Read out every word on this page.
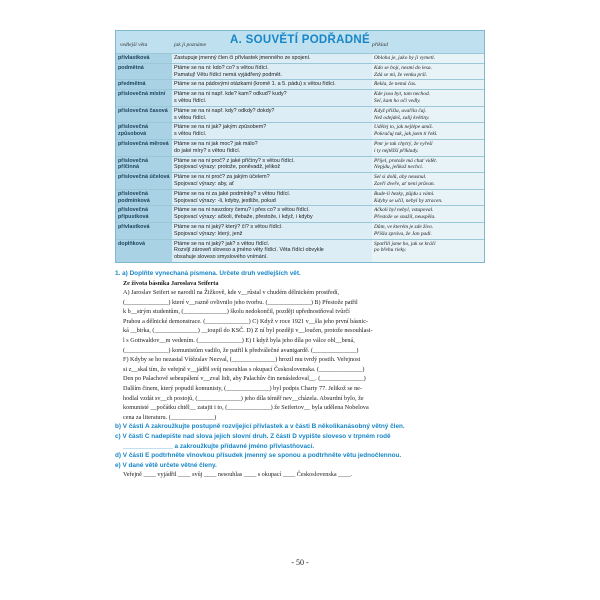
A. SOUVĚTÍ PODŘADNÉ
vedlejší věta	jak ji poznáme	příklad
přívlastková	Zastupuje jmenný člen či přívlastek jmenného ze spojení.	Obloha je, jako by ji vymetl.

podmětná	Ptáme se na ni: kdo? co? s větou řídící.
Pamatuj! Větu řídící nemá vyjádřený podmět.	Kdo se bojí, nesmí do lesa.
Zdá se mi, že venku prší.

předmětná	Ptáme se na pádovými otázkami (kromě 1. a 5. pádu) s větou řídící.	Řekla, že nemá čas.

příslovečná místní	Ptáme se na ni např. kde? kam? odkud? kudy?
s větou řídící.	Kde jsou byt, tam nechod.
Šel, kam ho oči vedly.

příslovečná časová	Ptáme se na ni např. kdy? odkdy? dokdy?
s větou řídící.	Když přišla, uvařila čaj.
Než odejdeš, zalij květiny.

příslovečná způsobová	Ptáme se na ni jak? jakým způsobem?
s větou řídící.	Udělej to, jak nejlépe umíš.
Pokračuj tak, jak jsem ti řekl.

příslovečná měrová	Ptáme se na ni jak moc? jak málo?
do jaké míry? s větou řídící.	Pmr je tak chytrý, že vyřeší
i ty nejtěžší příklady.

příslovečná příčinná	Ptáme se na ni proč? z jaké příčiny? s větou řídící.
Spojovací výrazy: protože, poněvadž, jelikož	Přijel, protože má chuť vidět.
Nepjdu, jelikož nechci.

příslovečná účelová	Ptáme se na ni proč? za jakým účelem?
Spojovací výrazy: aby, ať	Šel si dolů, aby neusnul.
Zavři dveře, ať není průvan.

příslovečná podmínková	Ptáme se na ni za jaké podmínky? s větou řídící.
Spojovací výrazy: -li, kdyby, jestliže, pokud	Bude-li hezky, půjdu s vámi.
Kdyby se učil, nebyl by ztracen.

příslovečná přípustková	Ptáme se na ni navzdory čemu? i přes co? s větou řídící.
Spojovací výrazy: ačkoli, třebaže, přestože, i když, i kdyby	Ačkoli byl nebyl, vstupoval.
Přestože se snažil, neuspěla.

přívlastková	Ptáme se na ni jaký? který? čí? s větou řídící.
Spojovací výrazy: který, jenž	Dům, ve kterém je zde živo.
Přišla zpráva, že Jan padl.

doplňková	Ptáme se na ni jaký? jak? s větou řídící.
Rozvíjí zároveň sloveso a jméno věty řídící. Věta řídící obvykle
obsahuje sloveso smyslového vnímání.	Spatřili jsme ho, jak se kráčí
po břehu rieky.
1. a) Doplňte vynechaná písmena. Určete druh vedlejších vět.
Ze života básníka Jaroslava Seiferta
A) Jaroslav Seifert se narodil na Žižkově, kde v__růstal v chudém dělnickém prostředí,
(______________) které v__razně ovlivnilo jeho tvorbu. (______________) B) Přestože patřil
k b__strým studentům, (______________) školu nedokončil, později upřednostňoval tvůrčí
Prahou a dělnické demonstrace. (______________) C) Když v roce 1921 v__šla jeho první básnic-
ká __birka, (______________) __toupil do KSČ. D) Z ní byl později v__loučen, protože nesouhlasi-
l s Gottwaldov__m vedením. (______________) E) I když byla jeho díla po válce obl__bená,
(______________) komunistům vadilo, že patřil k předválečné avantgardě. (______________)
F) Kdyby se ho nezastal Vítězslav Nezval, (______________) hrozil mu tvrdý postih. Veřejnost
si z__skal tím, že veřejně v__jádřil svůj nesouhlas s okupací Československa. (______________)
Den po Palachově sebeupálení v__zval lidi, aby Palachův čin nenásledoval__. (______________)
Dalším činem, který popudil komunisty, (______________) byl podpis Charty 77. Jelikož se ne-
hodlal vzdát sv__ch postojů, (______________) jeho díla téměř nev__cházela. Absurdní bylo, že
komunisté __počátku chtěl__ zatajit i to, (______________) že Seifertov__ byla udělena Nobelova
cena za literaturu. (______________)
b) V části A zakroužkujte postupně rozvíjející přívlastek a v části B několikanásobný větný člen.
c) V části C nadepište nad slova jejich slovní druh. Z části D vypište sloveso v trpném rodě
______________ a zakroužkujte přídavné jméno přivlastňovací.
d) V části E podtrhněte vlnovkou přísudek jmenný se sponou a podtrhněte větu jednočlennou.
e) V dané větě určete větné členy.
Veřejně ____ vyjádřil ____ svůj ____ nesouhlas ____ s okupací ____ Československa ____.
- 50 -
